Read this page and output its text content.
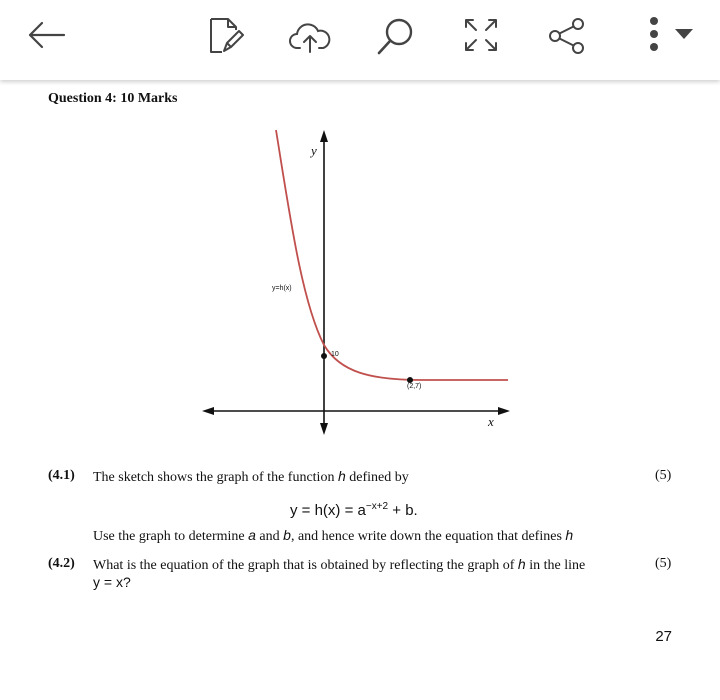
Question 4: 10 Marks
y
x
y=h(x)
10
(2,7)
(4.1) The sketch shows the graph of the function h defined by	(5)
$y = h(x) = a^{-x+2} + b$.
Use the graph to determine a and b, and hence write down the equation that defines h
(4.2) What is the equation of the graph that is obtained by reflecting the graph of h in the line
y = x?
(5)
27
